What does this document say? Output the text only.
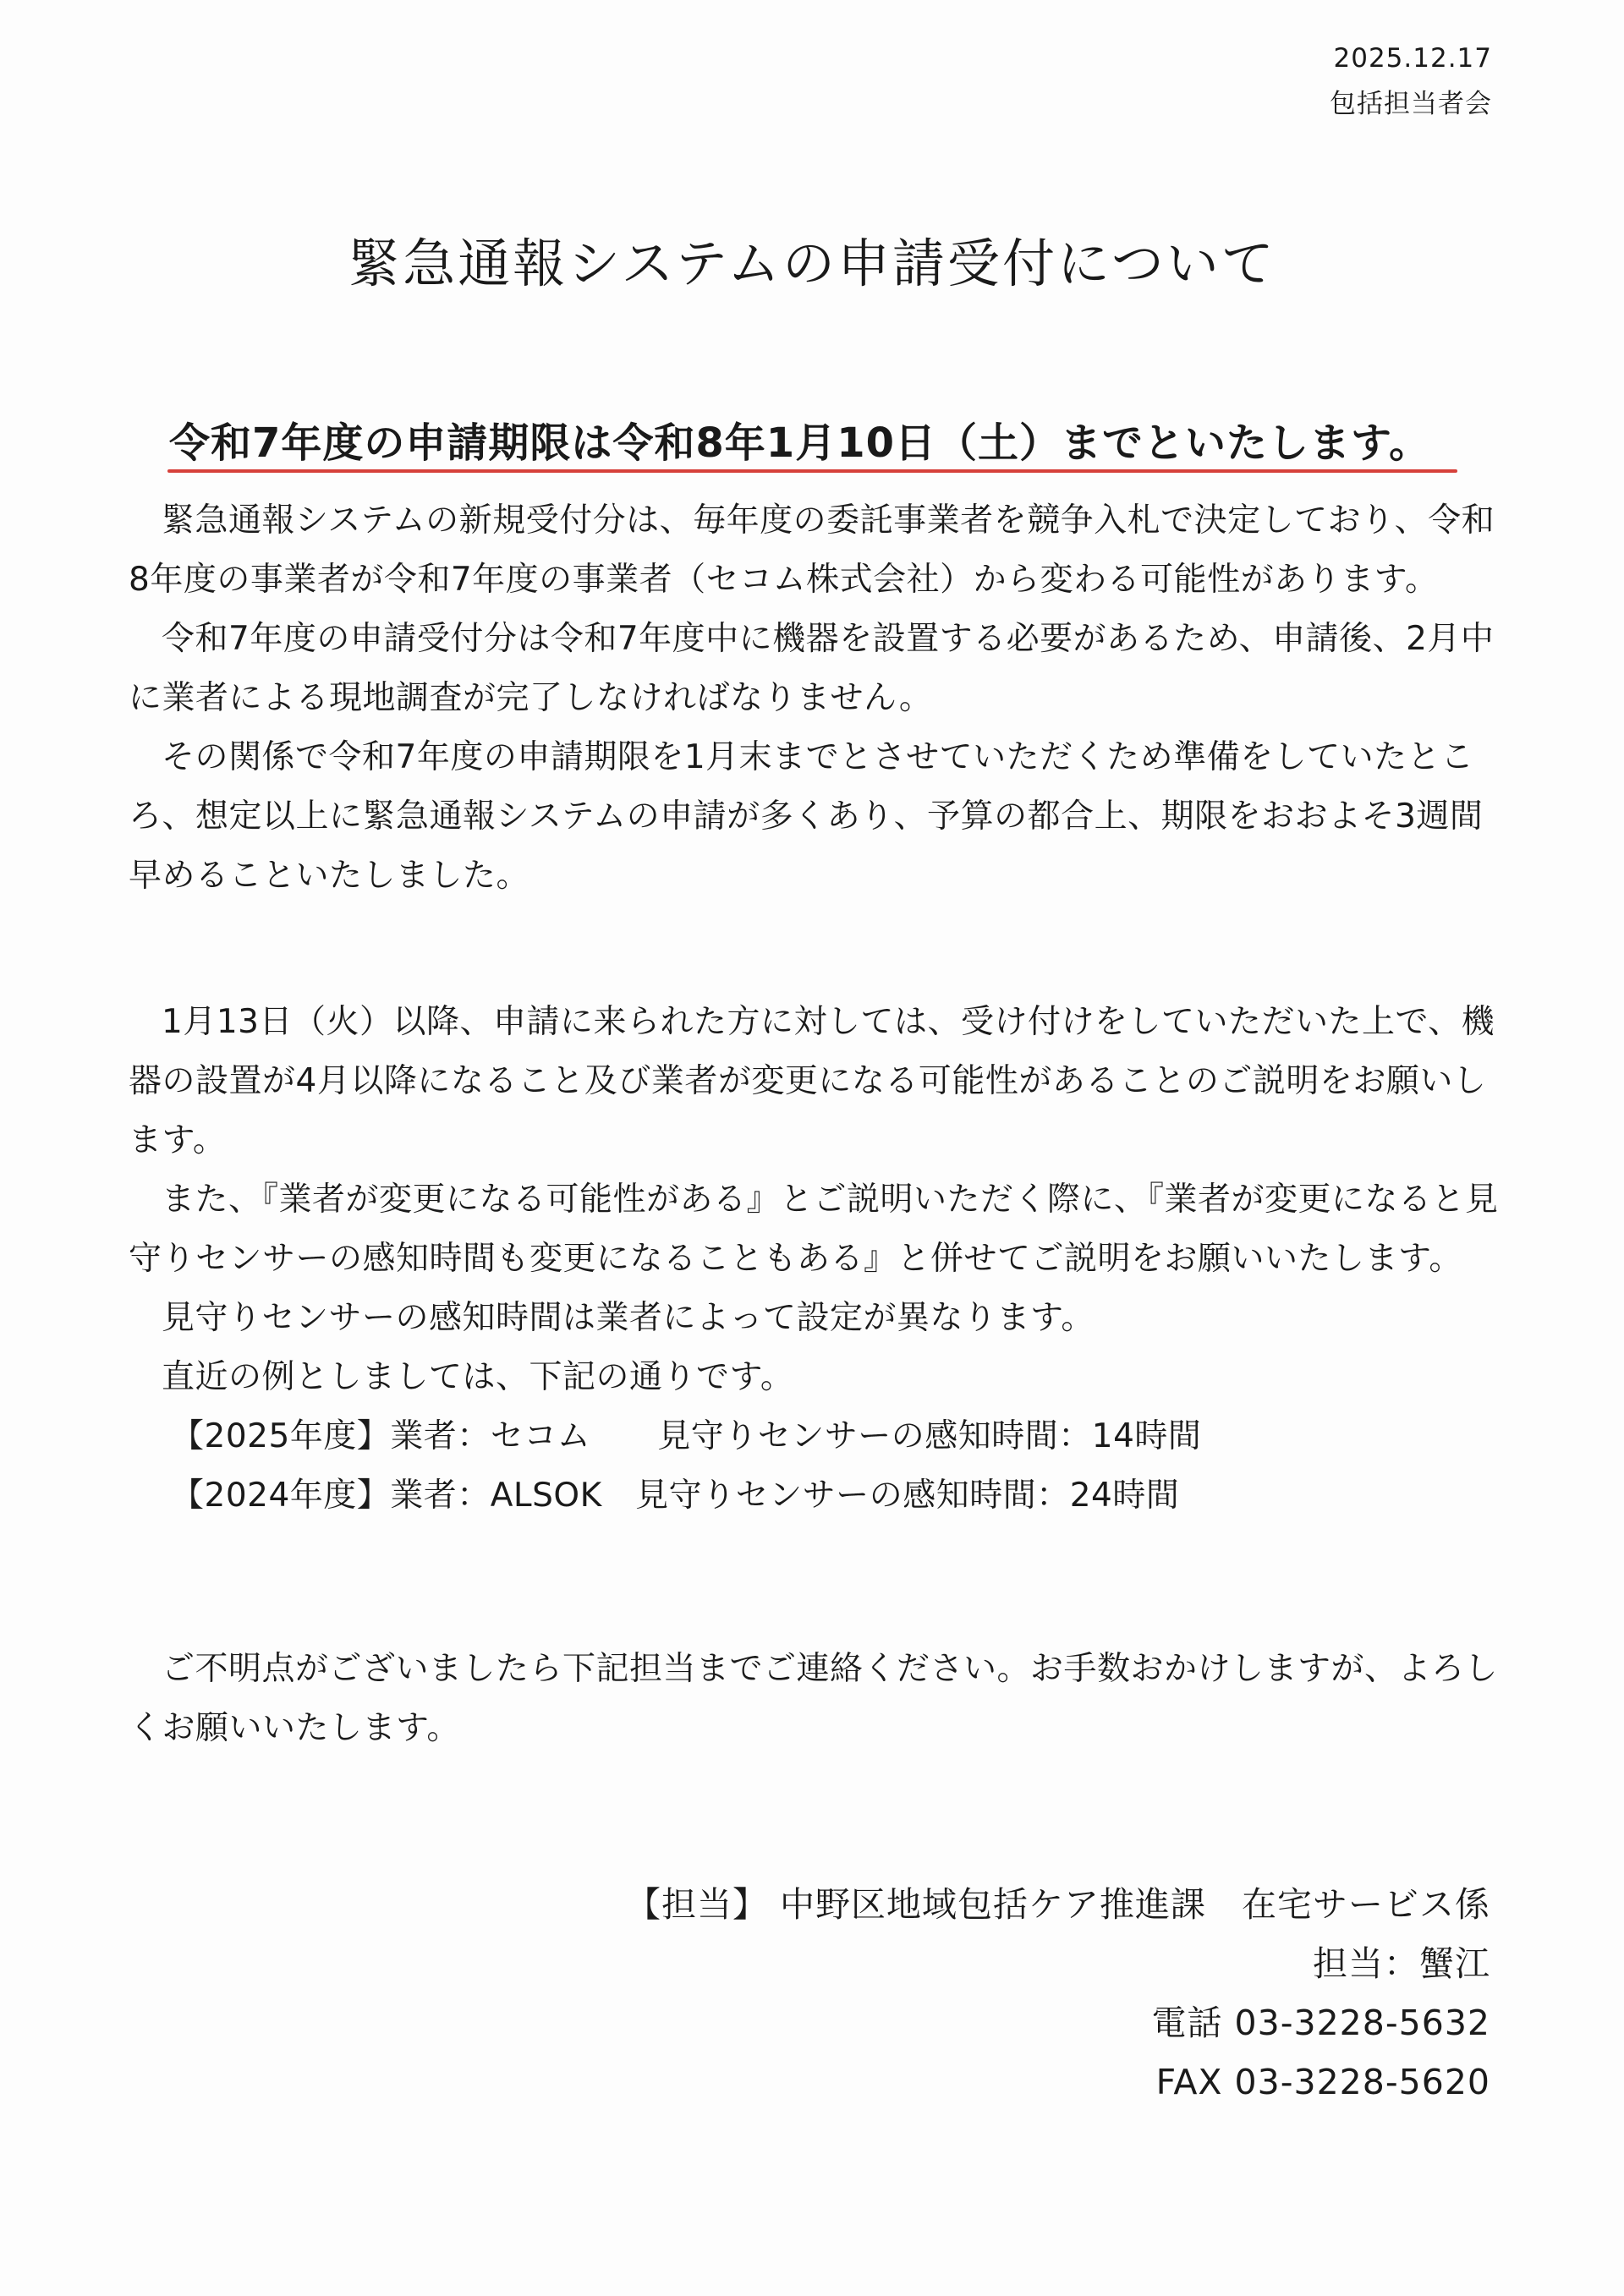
2025.12.17
包括担当者会
緊急通報システムの申請受付について
令和7年度の申請期限は令和8年1月10日（土）までといたします。

緊急通報システムの新規受付分は、毎年度の委託事業者を競争入札で決定しており、令和8年度の事業者が令和7年度の事業者（セコム株式会社）から変わる可能性があります。

令和7年度の申請受付分は令和7年度中に機器を設置する必要があるため、申請後、2月中に業者による現地調査が完了しなければなりません。

その関係で令和7年度の申請期限を1月末までとさせていただくため準備をしていたところ、想定以上に緊急通報システムの申請が多くあり、予算の都合上、期限をおおよそ3週間早めることいたしました。

1月13日（火）以降、申請に来られた方に対しては、受け付けをしていただいた上で、機器の設置が4月以降になること及び業者が変更になる可能性があることのご説明をお願いします。

また、『業者が変更になる可能性がある』とご説明いただく際に、『業者が変更になると見守りセンサーの感知時間も変更になることもある』と併せてご説明をお願いいたします。

見守りセンサーの感知時間は業者によって設定が異なります。

直近の例としましては、下記の通りです。

【2025年度】業者：セコム　　見守りセンサーの感知時間：14時間
【2024年度】業者：ALSOK　見守りセンサーの感知時間：24時間

ご不明点がございましたら下記担当までご連絡ください。お手数おかけしますが、よろしくお願いいたします。

【担当】 中野区地域包括ケア推進課　在宅サービス係
担当：蟹江
電話 03-3228-5632
FAX 03-3228-5620
